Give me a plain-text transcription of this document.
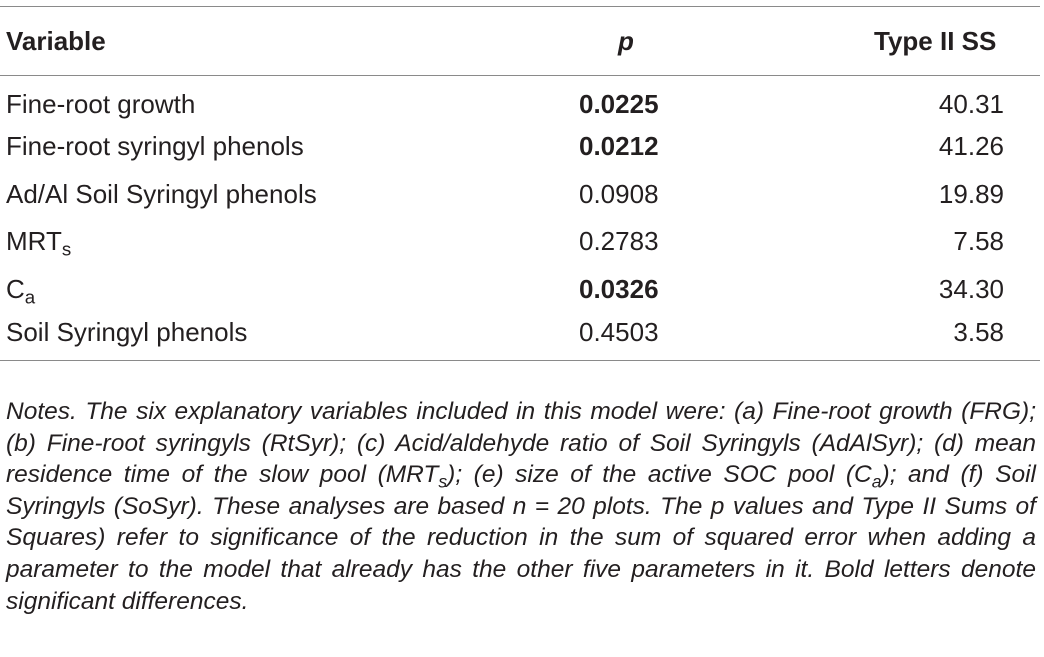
Variable	p	Type II SS
Fine-root growth	0.0225	40.31
Fine-root syringyl phenols	0.0212	41.26
Ad/Al Soil Syringyl phenols	0.0908	19.89
$MRT_s$	0.2783	7.58
$C_a$	0.0326	34.30
Soil Syringyl phenols	0.4503	3.58

Notes. The six explanatory variables included in this model were: (a) Fine-root growth (FRG); (b) Fine-root syringyls (RtSyr); (c) Acid/aldehyde ratio of Soil Syringyls (AdAlSyr); (d) mean residence time of the slow pool $(MRT_s)$; (e) size of the active SOC pool $(C_a)$; and (f) Soil Syringyls (SoSyr). These analyses are based n = 20 plots. The p values and Type II Sums of Squares) refer to significance of the reduction in the sum of squared error when adding a parameter to the model that already has the other five parameters in it. Bold letters denote significant differences.
